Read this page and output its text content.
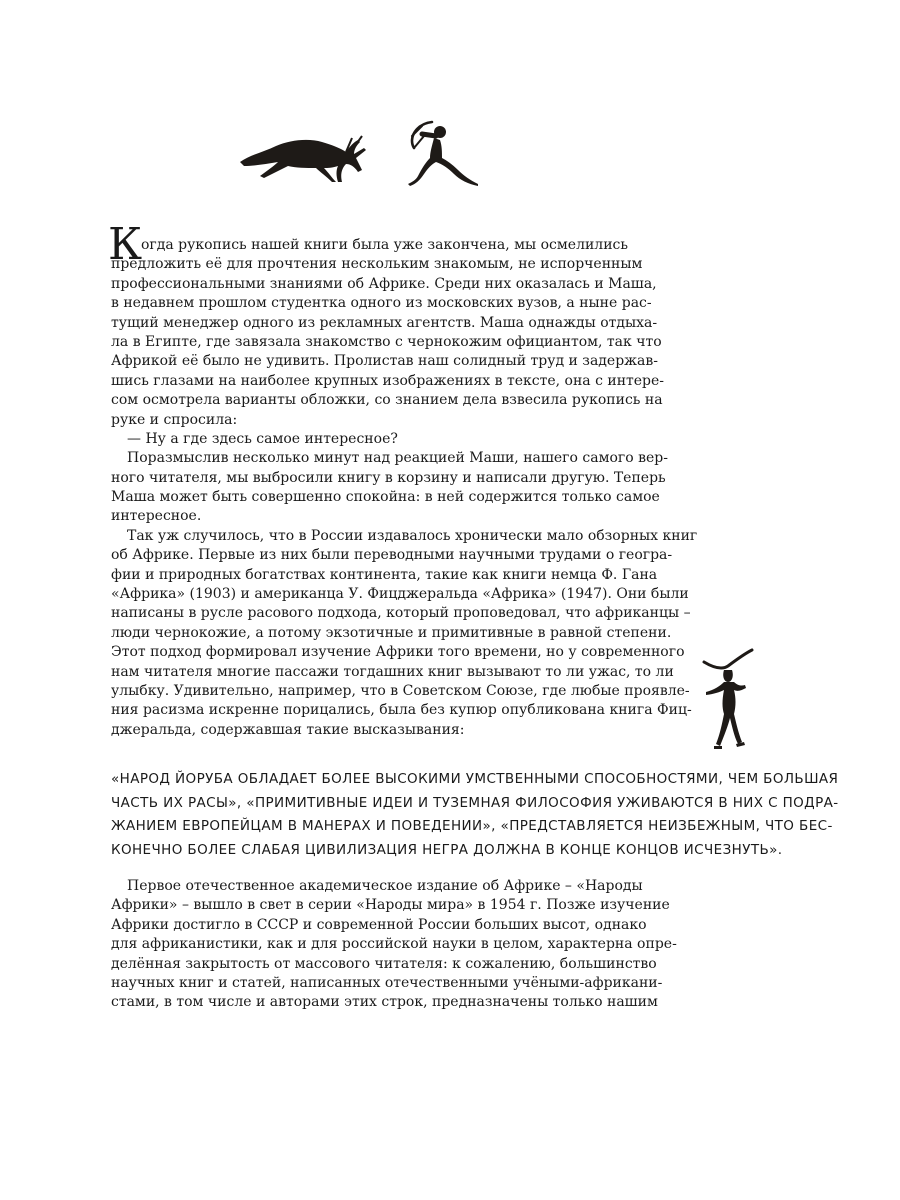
К
огда рукопись нашей книги была уже закончена, мы осмелились
предложить её для прочтения нескольким знакомым, не испорченным
профессиональными знаниями об Африке. Среди них оказалась и Маша,
в недавнем прошлом студентка одного из московских вузов, а ныне рас-
тущий менеджер одного из рекламных агентств. Маша однажды отдыха-
ла в Египте, где завязала знакомство с чернокожим официантом, так что
Африкой её было не удивить. Пролистав наш солидный труд и задержав-
шись глазами на наиболее крупных изображениях в тексте, она с интере-
сом осмотрела варианты обложки, со знанием дела взвесила рукопись на
руке и спросила:
— Ну а где здесь самое интересное?
Поразмыслив несколько минут над реакцией Маши, нашего самого вер-
ного читателя, мы выбросили книгу в корзину и написали другую. Теперь
Маша может быть совершенно спокойна: в ней содержится только самое
интересное.
Так уж случилось, что в России издавалось хронически мало обзорных книг
об Африке. Первые из них были переводными научными трудами о геогра-
фии и природных богатствах континента, такие как книги немца Ф. Гана
«Африка» (1903) и американца У. Фицджеральда «Африка» (1947). Они были
написаны в русле расового подхода, который проповедовал, что африканцы –
люди чернокожие, а потому экзотичные и примитивные в равной степени.
Этот подход формировал изучение Африки того времени, но у современного
нам читателя многие пассажи тогдашних книг вызывают то ли ужас, то ли
улыбку. Удивительно, например, что в Советском Союзе, где любые проявле-
ния расизма искренне порицались, была без купюр опубликована книга Фиц-
джеральда, содержавшая такие высказывания:
«НАРОД ЙОРУБА ОБЛАДАЕТ БОЛЕЕ ВЫСОКИМИ УМСТВЕННЫМИ СПОСОБНОСТЯМИ, ЧЕМ БОЛЬШАЯ
ЧАСТЬ ИХ РАСЫ», «ПРИМИТИВНЫЕ ИДЕИ И ТУЗЕМНАЯ ФИЛОСОФИЯ УЖИВАЮТСЯ В НИХ С ПОДРА-
ЖАНИЕМ ЕВРОПЕЙЦАМ В МАНЕРАХ И ПОВЕДЕНИИ», «ПРЕДСТАВЛЯЕТСЯ НЕИЗБЕЖНЫМ, ЧТО БЕС-
КОНЕЧНО БОЛЕЕ СЛАБАЯ ЦИВИЛИЗАЦИЯ НЕГРА ДОЛЖНА В КОНЦЕ КОНЦОВ ИСЧЕЗНУТЬ».
Первое отечественное академическое издание об Африке – «Народы
Африки» – вышло в свет в серии «Народы мира» в 1954 г. Позже изучение
Африки достигло в СССР и современной России больших высот, однако
для африканистики, как и для российской науки в целом, характерна опре-
делённая закрытость от массового читателя: к сожалению, большинство
научных книг и статей, написанных отечественными учёными-африкани-
стами, в том числе и авторами этих строк, предназначены только нашим
